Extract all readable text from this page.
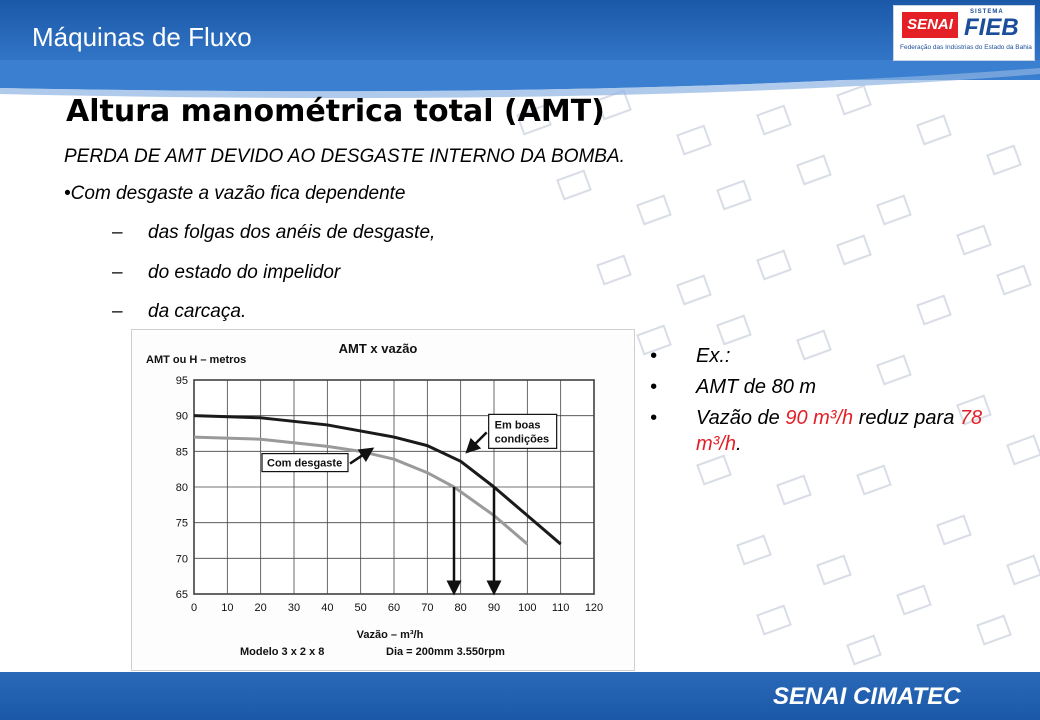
Máquinas de Fluxo	SENAI
SISTEMA
FIEB
Federação das Indústrias do Estado da Bahia
Altura manométrica total (AMT)
PERDA DE AMT DEVIDO AO DESGASTE INTERNO DA BOMBA.
•Com desgaste a vazão fica dependente
– das folgas dos anéis de desgaste,
– do estado do impelidor
– da carcaça.
0 10 20 30 40 50 60 70 80 90 100 110 120
65
70
75
80
85
90
95
AMT x vazão
AMT ou H – metros
Vazão – m³/h
Modelo 3 x 2 x 8	Dia = 200mm 3.550rpm
Em boas
condições
Com desgaste
• Ex.:
• AMT de 80 m
• Vazão de 90 m³/h reduz para 78 m³/h.
SENAI CIMATEC
